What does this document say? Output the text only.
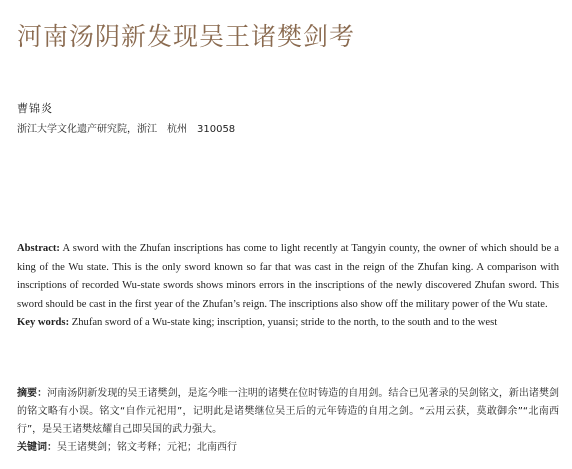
河南汤阴新发现吴王诸樊剑考
曹锦炎
浙江大学文化遗产研究院，浙江　杭州　310058
Abstract: A sword with the Zhufan inscriptions has come to light recently at Tangyin county, the owner of which should be a king of the Wu state. This is the only sword known so far that was cast in the reign of the Zhufan king. A comparison with inscriptions of recorded Wu-state swords shows minors errors in the inscriptions of the newly discovered Zhufan sword. This sword should be cast in the first year of the Zhufan’s reign. The inscriptions also show off the military power of the Wu state.
Key words: Zhufan sword of a Wu-state king; inscription, yuansi; stride to the north, to the south and to the west
摘要：河南汤阴新发现的吴王诸樊剑，是迄今唯一注明的诸樊在位时铸造的自用剑。结合已见著录的吴剑铭文，新出诸樊剑的铭文略有小误。铭文“自作元祀用”，记明此是诸樊继位吴王后的元年铸造的自用之剑。“云用云获，莫敢御余”“北南西行”，是吴王诸樊炫耀自己即吴国的武力强大。
关键词：吴王诸樊剑；铭文考释；元祀；北南西行
